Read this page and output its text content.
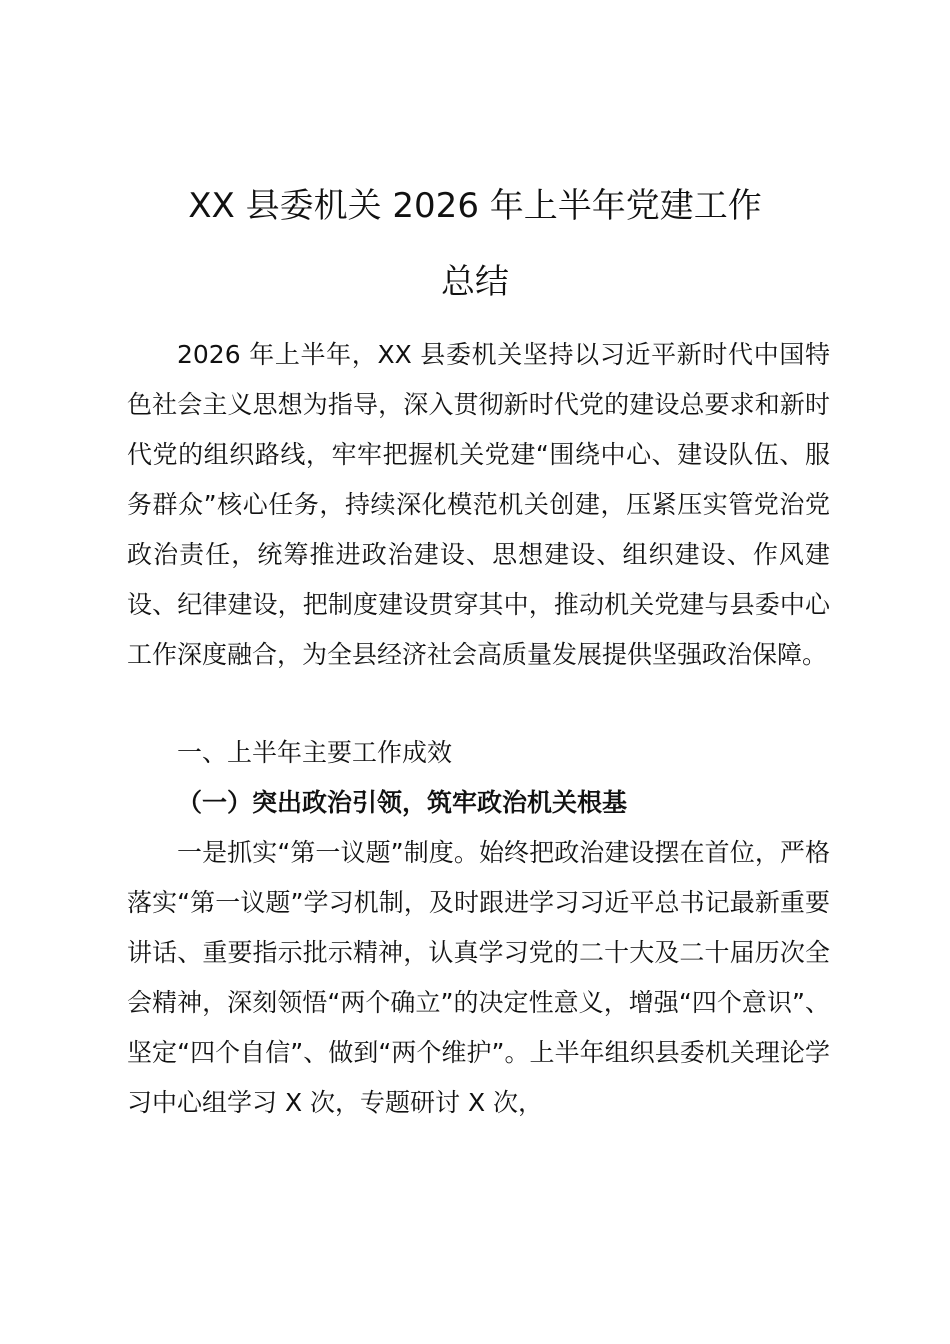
XX 县委机关 2026 年上半年党建工作
总结

2026 年上半年，XX 县委机关坚持以习近平新时代中国特色社会主义思想为指导，深入贯彻新时代党的建设总要求和新时代党的组织路线，牢牢把握机关党建“围绕中心、建设队伍、服务群众”核心任务，持续深化模范机关创建，压紧压实管党治党政治责任，统筹推进政治建设、思想建设、组织建设、作风建设、纪律建设，把制度建设贯穿其中，推动机关党建与县委中心工作深度融合，为全县经济社会高质量发展提供坚强政治保障。

一、上半年主要工作成效

（一）突出政治引领，筑牢政治机关根基

一是抓实“第一议题”制度。始终把政治建设摆在首位，严格落实“第一议题”学习机制，及时跟进学习习近平总书记最新重要讲话、重要指示批示精神，认真学习党的二十大及二十届历次全会精神，深刻领悟“两个确立”的决定性意义，增强“四个意识”、坚定“四个自信”、做到“两个维护”。上半年组织县委机关理论学习中心组学习 X 次，专题研讨 X 次，
